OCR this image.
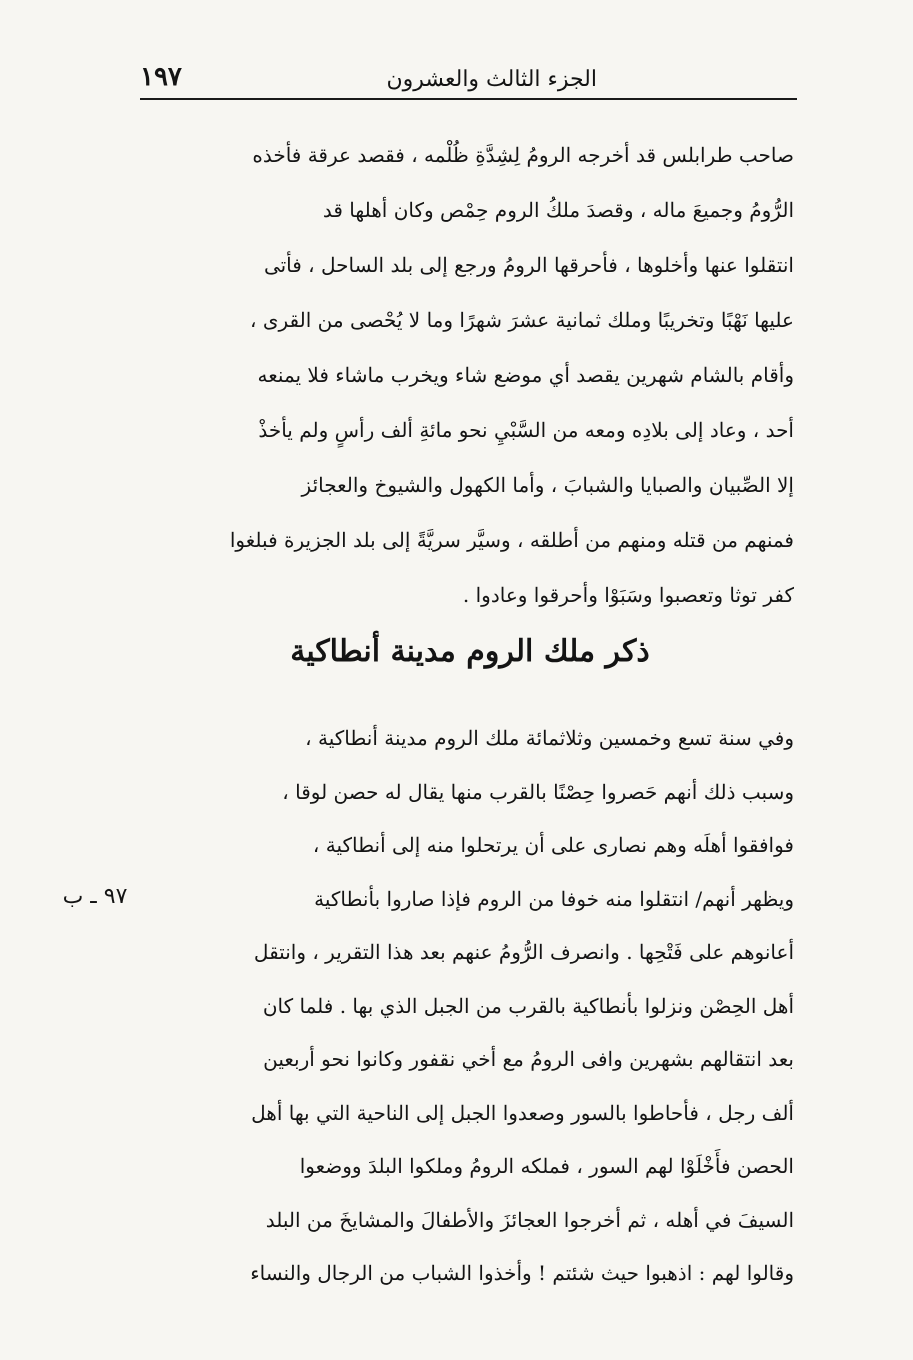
١٩٧	الجزء الثالث والعشرون
صاحب طرابلس قد أخرجه الرومُ لِشِدَّةِ ظُلْمه ، فقصد عرقة فأخذه
الرُّومُ وجميعَ ماله ، وقصدَ ملكُ الروم حِمْص وكان أهلها قد
انتقلوا عنها وأخلوها ، فأحرقها الرومُ ورجع إلى بلد الساحل ، فأتى
عليها نَهْبًا وتخريبًا وملك ثمانية عشرَ شهرًا وما لا يُحْصى من القرى ،
وأقام بالشام شهرين يقصد أي موضع شاء ويخرب ماشاء فلا يمنعه
أحد ، وعاد إلى بلادِه ومعه من السَّبْيِ نحو مائةِ ألف رأسٍ ولم يأخذْ
إلا الصِّبيان والصبايا والشبابَ ، وأما الكهول والشيوخ والعجائز
فمنهم من قتله ومنهم من أطلقه ، وسيَّر سريَّةً إلى بلد الجزيرة فبلغوا
كفر توثا وتعصبوا وسَبَوْا وأحرقوا وعادوا .
ذكر ملك الروم مدينة أنطاكية
وفي سنة تسع وخمسين وثلاثمائة ملك الروم مدينة أنطاكية ،
وسبب ذلك أنهم حَصروا حِصْنًا بالقرب منها يقال له حصن لوقا ،
فوافقوا أهلَه وهم نصارى على أن يرتحلوا منه إلى أنطاكية ،
ويظهر أنهم/ انتقلوا منه خوفا من الروم فإذا صاروا بأنطاكية
أعانوهم على فَتْحِها . وانصرف الرُّومُ عنهم بعد هذا التقرير ، وانتقل
أهل الحِصْن ونزلوا بأنطاكية بالقرب من الجبل الذي بها . فلما كان
بعد انتقالهم بشهرين وافى الرومُ مع أخي نقفور وكانوا نحو أربعين
ألف رجل ، فأحاطوا بالسور وصعدوا الجبل إلى الناحية التي بها أهل
الحصن فأَخْلَوْا لهم السور ، فملكه الرومُ وملكوا البلدَ ووضعوا
السيفَ في أهله ، ثم أخرجوا العجائزَ والأطفالَ والمشايخَ من البلد
وقالوا لهم : اذهبوا حيث شئتم ! وأخذوا الشباب من الرجال والنساء
٩٧ ـ ب
